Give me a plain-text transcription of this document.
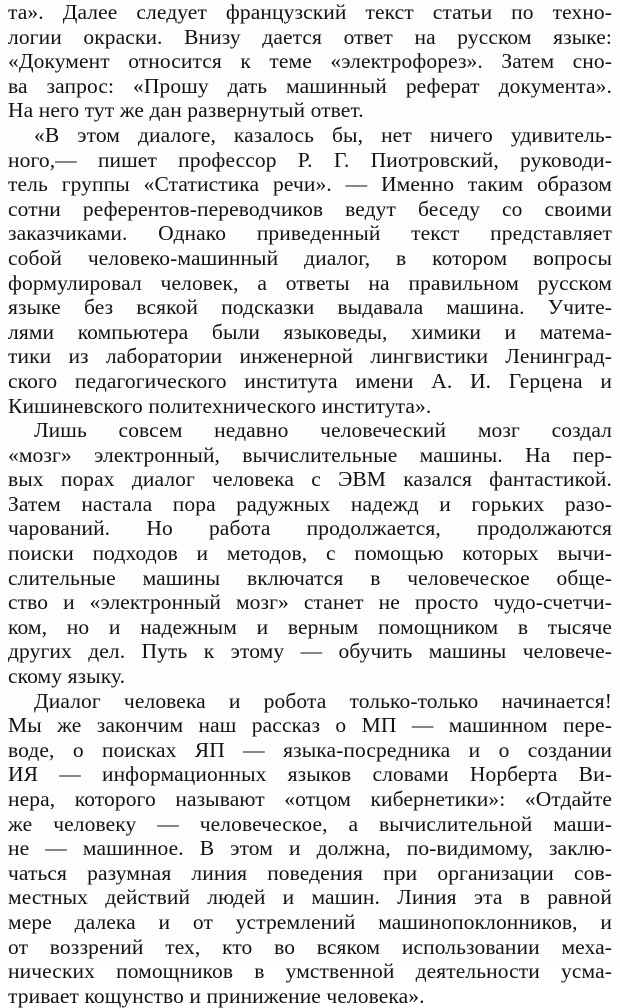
та». Далее следует французский текст статьи по техно-
логии окраски. Внизу дается ответ на русском языке:
«Документ относится к теме «электрофорез». Затем сно-
ва запрос: «Прошу дать машинный реферат документа».
На него тут же дан развернутый ответ.
«В этом диалоге, казалось бы, нет ничего удивитель-
ного,— пишет профессор Р. Г. Пиотровский, руководи-
тель группы «Статистика речи». — Именно таким образом
сотни референтов-переводчиков ведут беседу со своими
заказчиками. Однако приведенный текст представляет
собой человеко-машинный диалог, в котором вопросы
формулировал человек, а ответы на правильном русском
языке без всякой подсказки выдавала машина. Учите-
лями компьютера были языковеды, химики и матема-
тики из лаборатории инженерной лингвистики Ленинград-
ского педагогического института имени А. И. Герцена и
Кишиневского политехнического института».
Лишь совсем недавно человеческий мозг создал
«мозг» электронный, вычислительные машины. На пер-
вых порах диалог человека с ЭВМ казался фантастикой.
Затем настала пора радужных надежд и горьких разо-
чарований. Но работа продолжается, продолжаются
поиски подходов и методов, с помощью которых вычи-
слительные машины включатся в человеческое обще-
ство и «электронный мозг» станет не просто чудо-счетчи-
ком, но и надежным и верным помощником в тысяче
других дел. Путь к этому — обучить машины человече-
скому языку.
Диалог человека и робота только-только начинается!
Мы же закончим наш рассказ о МП — машинном пере-
воде, о поисках ЯП — языка-посредника и о создании
ИЯ — информационных языков словами Норберта Ви-
нера, которого называют «отцом кибернетики»: «Отдайте
же человеку — человеческое, а вычислительной маши-
не — машинное. В этом и должна, по-видимому, заклю-
чаться разумная линия поведения при организации сов-
местных действий людей и машин. Линия эта в равной
мере далека и от устремлений машинопоклонников, и
от воззрений тех, кто во всяком использовании меха-
нических помощников в умственной деятельности усма-
тривает кощунство и принижение человека».
